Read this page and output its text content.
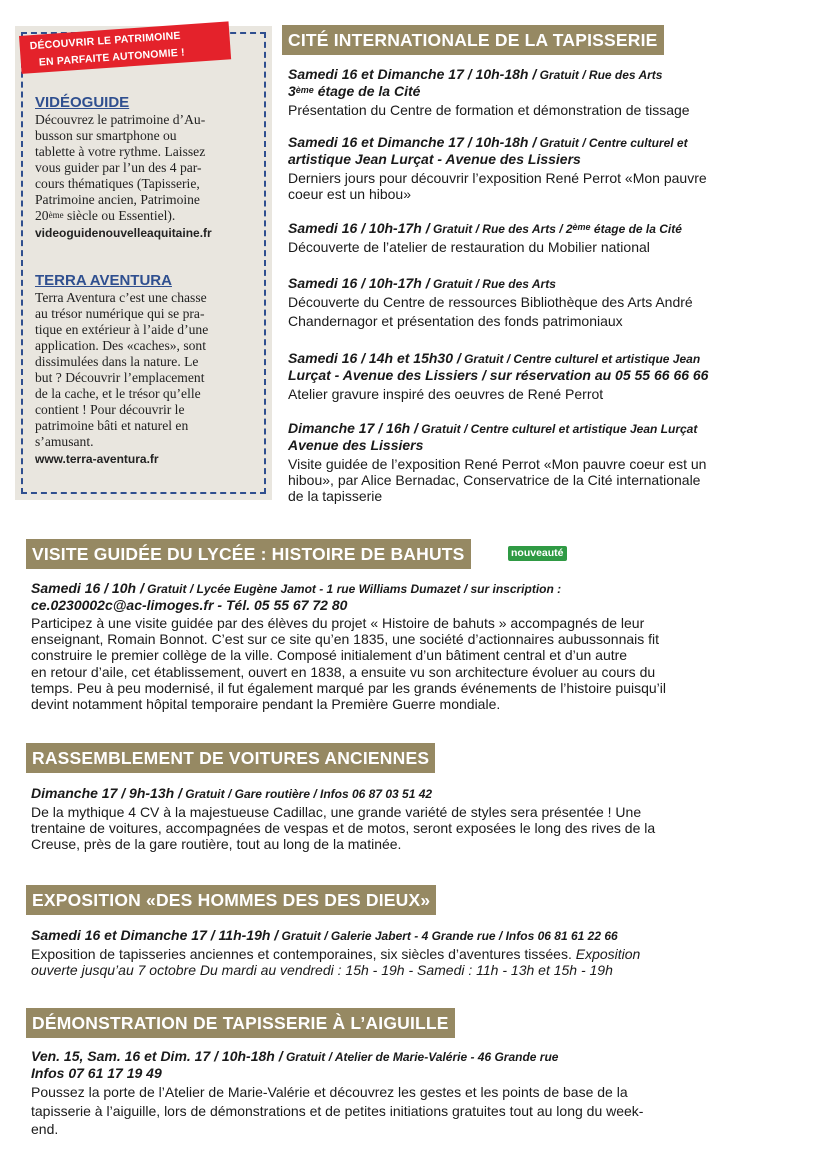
DÉCOUVRIR LE PATRIMOINE
EN PARFAITE AUTONOMIE !
VIDÉOGUIDE
Découvrez le patrimoine d’Au-
busson sur smartphone ou
tablette à votre rythme. Laissez
vous guider par l’un des 4 par-
cours thématiques (Tapisserie,
Patrimoine ancien, Patrimoine
20ème siècle ou Essentiel).
videoguidenouvelleaquitaine.fr
TERRA AVENTURA
Terra Aventura c’est une chasse
au trésor numérique qui se pra-
tique en extérieur à l’aide d’une
application. Des «caches», sont
dissimulées dans la nature. Le
but ? Découvrir l’emplacement
de la cache, et le trésor qu’elle
contient ! Pour découvrir le
patrimoine bâti et naturel en
s’amusant.
www.terra-aventura.fr
CITÉ INTERNATIONALE DE LA TAPISSERIE
Samedi 16 et Dimanche 17 / 10h-18h / Gratuit / Rue des Arts
3ème étage de la Cité
Présentation du Centre de formation et démonstration de tissage
Samedi 16 et Dimanche 17 / 10h-18h / Gratuit / Centre culturel et
artistique Jean Lurçat - Avenue des Lissiers
Derniers jours pour découvrir l’exposition René Perrot «Mon pauvre
coeur est un hibou»
Samedi 16 / 10h-17h / Gratuit / Rue des Arts / 2ème étage de la Cité
Découverte de l’atelier de restauration du Mobilier national
Samedi 16 / 10h-17h / Gratuit / Rue des Arts
Découverte du Centre de ressources Bibliothèque des Arts André
Chandernagor et présentation des fonds patrimoniaux
Samedi 16 / 14h et 15h30 / Gratuit / Centre culturel et artistique Jean
Lurçat - Avenue des Lissiers / sur réservation au 05 55 66 66 66
Atelier gravure inspiré des oeuvres de René Perrot
Dimanche 17 / 16h / Gratuit / Centre culturel et artistique Jean Lurçat
Avenue des Lissiers
Visite guidée de l’exposition René Perrot «Mon pauvre coeur est un
hibou», par Alice Bernadac, Conservatrice de la Cité internationale
de la tapisserie
VISITE GUIDÉE DU LYCÉE : HISTOIRE DE BAHUTS	nouveauté
Samedi 16 / 10h / Gratuit / Lycée Eugène Jamot - 1 rue Williams Dumazet / sur inscription :
ce.0230002c@ac-limoges.fr - Tél. 05 55 67 72 80
Participez à une visite guidée par des élèves du projet « Histoire de bahuts » accompagnés de leur
enseignant, Romain Bonnot. C’est sur ce site qu’en 1835, une société d’actionnaires aubussonnais fit
construire le premier collège de la ville. Composé initialement d’un bâtiment central et d’un autre
en retour d’aile, cet établissement, ouvert en 1838, a ensuite vu son architecture évoluer au cours du
temps. Peu à peu modernisé, il fut également marqué par les grands événements de l’histoire puisqu’il
devint notamment hôpital temporaire pendant la Première Guerre mondiale.
RASSEMBLEMENT DE VOITURES ANCIENNES
Dimanche 17 / 9h-13h / Gratuit / Gare routière / Infos 06 87 03 51 42
De la mythique 4 CV à la majestueuse Cadillac, une grande variété de styles sera présentée ! Une
trentaine de voitures, accompagnées de vespas et de motos, seront exposées le long des rives de la
Creuse, près de la gare routière, tout au long de la matinée.
EXPOSITION «DES HOMMES DES DES DIEUX»
Samedi 16 et Dimanche 17 / 11h-19h / Gratuit / Galerie Jabert - 4 Grande rue / Infos 06 81 61 22 66
Exposition de tapisseries anciennes et contemporaines, six siècles d’aventures tissées. Exposition
ouverte jusqu’au 7 octobre Du mardi au vendredi : 15h - 19h - Samedi : 11h - 13h et 15h - 19h
DÉMONSTRATION DE TAPISSERIE À L’AIGUILLE
Ven. 15, Sam. 16 et Dim. 17 / 10h-18h / Gratuit / Atelier de Marie-Valérie - 46 Grande rue
Infos 07 61 17 19 49
Poussez la porte de l’Atelier de Marie-Valérie et découvrez les gestes et les points de base de la
tapisserie à l’aiguille, lors de démonstrations et de petites initiations gratuites tout au long du week-
end.
